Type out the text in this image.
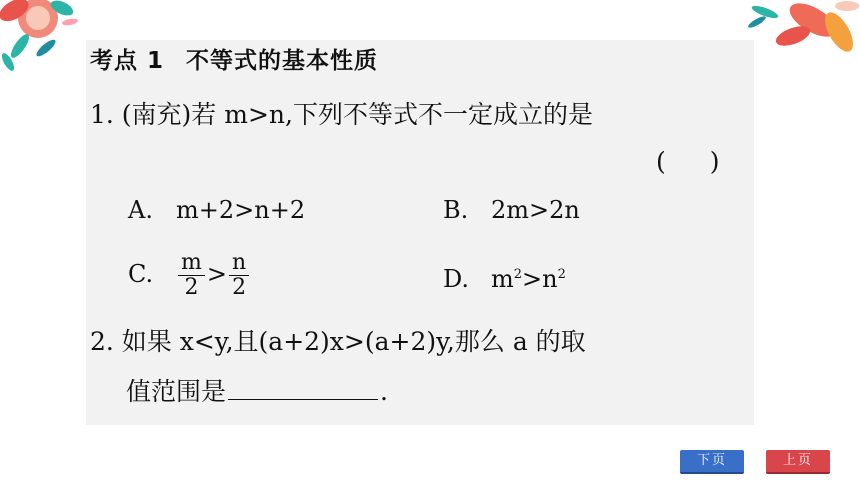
考点 1 不等式的基本性质
1. (南充)若 m>n,下列不等式不一定成立的是
( )
A. m+2>n+2	B. 2m>2n
C. $\frac{m}{2} > \frac{n}{2}$	D. $m^2>n^2$
2. 如果 x<y,且(a+2)x>(a+2)y,那么 a 的取
值范围是	.
下页	上页
